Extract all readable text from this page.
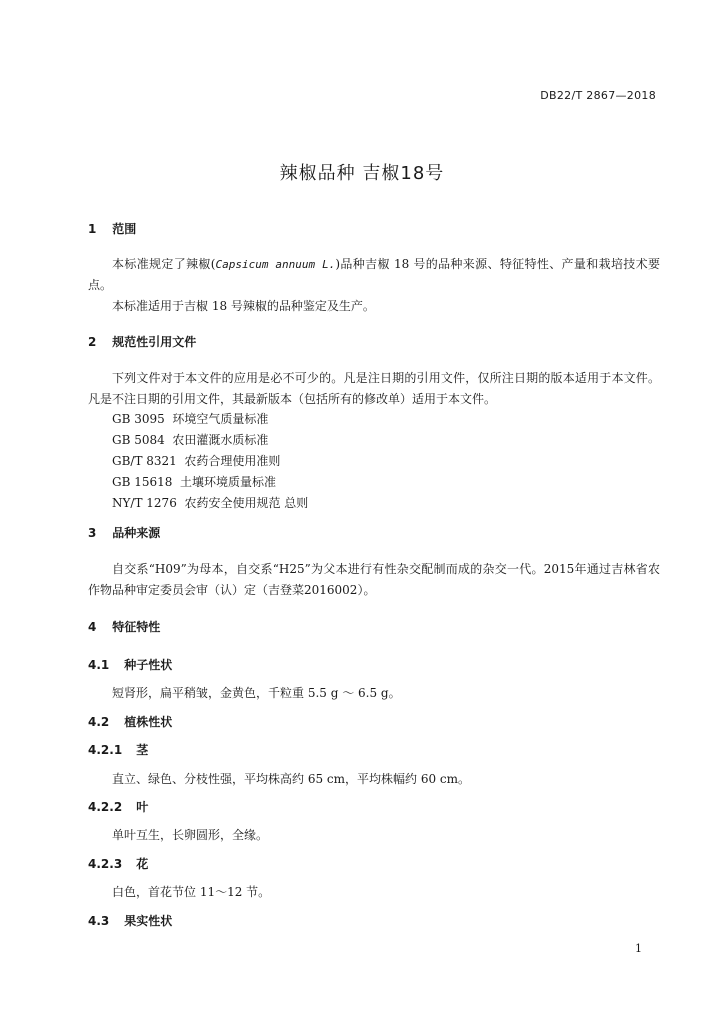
DB22/T 2867—2018
辣椒品种 吉椒18号
1 范围
本标准规定了辣椒(Capsicum annuum L.)品种吉椒 18 号的品种来源、特征特性、产量和栽培技术要点。
本标准适用于吉椒 18 号辣椒的品种鉴定及生产。
2 规范性引用文件
下列文件对于本文件的应用是必不可少的。凡是注日期的引用文件，仅所注日期的版本适用于本文件。凡是不注日期的引用文件，其最新版本（包括所有的修改单）适用于本文件。
GB 3095  环境空气质量标准
GB 5084  农田灌溉水质标准
GB/T 8321  农药合理使用准则
GB 15618  土壤环境质量标准
NY/T 1276  农药安全使用规范 总则
3 品种来源
自交系“H09”为母本，自交系“H25”为父本进行有性杂交配制而成的杂交一代。2015年通过吉林省农作物品种审定委员会审（认）定（吉登菜2016002）。
4 特征特性
4.1 种子性状
短肾形，扁平稍皱，金黄色，千粒重 5.5 g ～ 6.5 g。
4.2 植株性状
4.2.1 茎
直立、绿色、分枝性强，平均株高约 65 cm，平均株幅约 60 cm。
4.2.2 叶
单叶互生，长卵圆形，全缘。
4.2.3 花
白色，首花节位 11～12 节。
4.3 果实性状
1
